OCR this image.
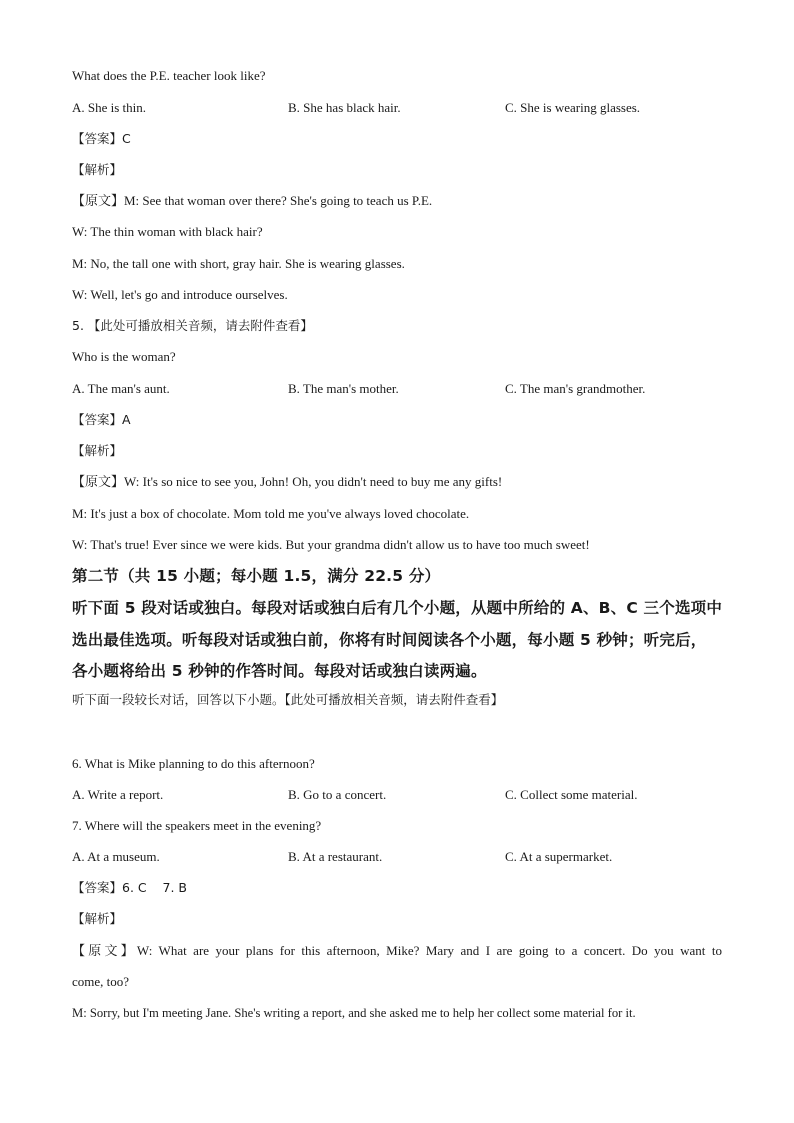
What does the P.E. teacher look like?
A. She is thin.	B. She has black hair.	C. She is wearing glasses.
【答案】C
【解析】
【原文】M: See that woman over there? She's going to teach us P.E.
W: The thin woman with black hair?
M: No, the tall one with short, gray hair. She is wearing glasses.
W: Well, let's go and introduce ourselves.
5. 【此处可播放相关音频，请去附件查看】
Who is the woman?
A. The man's aunt.	B. The man's mother.	C. The man's grandmother.
【答案】A
【解析】
【原文】W: It's so nice to see you, John! Oh, you didn't need to buy me any gifts!
M: It's just a box of chocolate. Mom told me you've always loved chocolate.
W: That's true! Ever since we were kids. But your grandma didn't allow us to have too much sweet!
第二节（共 15 小题；每小题 1.5，满分 22.5 分）
听下面 5 段对话或独白。每段对话或独白后有几个小题，从题中所给的 A、B、C 三个选项中
选出最佳选项。听每段对话或独白前，你将有时间阅读各个小题，每小题 5 秒钟；听完后，
各小题将给出 5 秒钟的作答时间。每段对话或独白读两遍。
听下面一段较长对话，回答以下小题。【此处可播放相关音频，请去附件查看】
6. What is Mike planning to do this afternoon?
A. Write a report.	B. Go to a concert.	C. Collect some material.
7. Where will the speakers meet in the evening?
A. At a museum.	B. At a restaurant.	C. At a supermarket.
【答案】6. C    7. B
【解析】
【原文】W: What are your plans for this afternoon, Mike? Mary and I are going to a concert. Do you want to
come, too?
M: Sorry, but I'm meeting Jane. She's writing a report, and she asked me to help her collect some material for it.
